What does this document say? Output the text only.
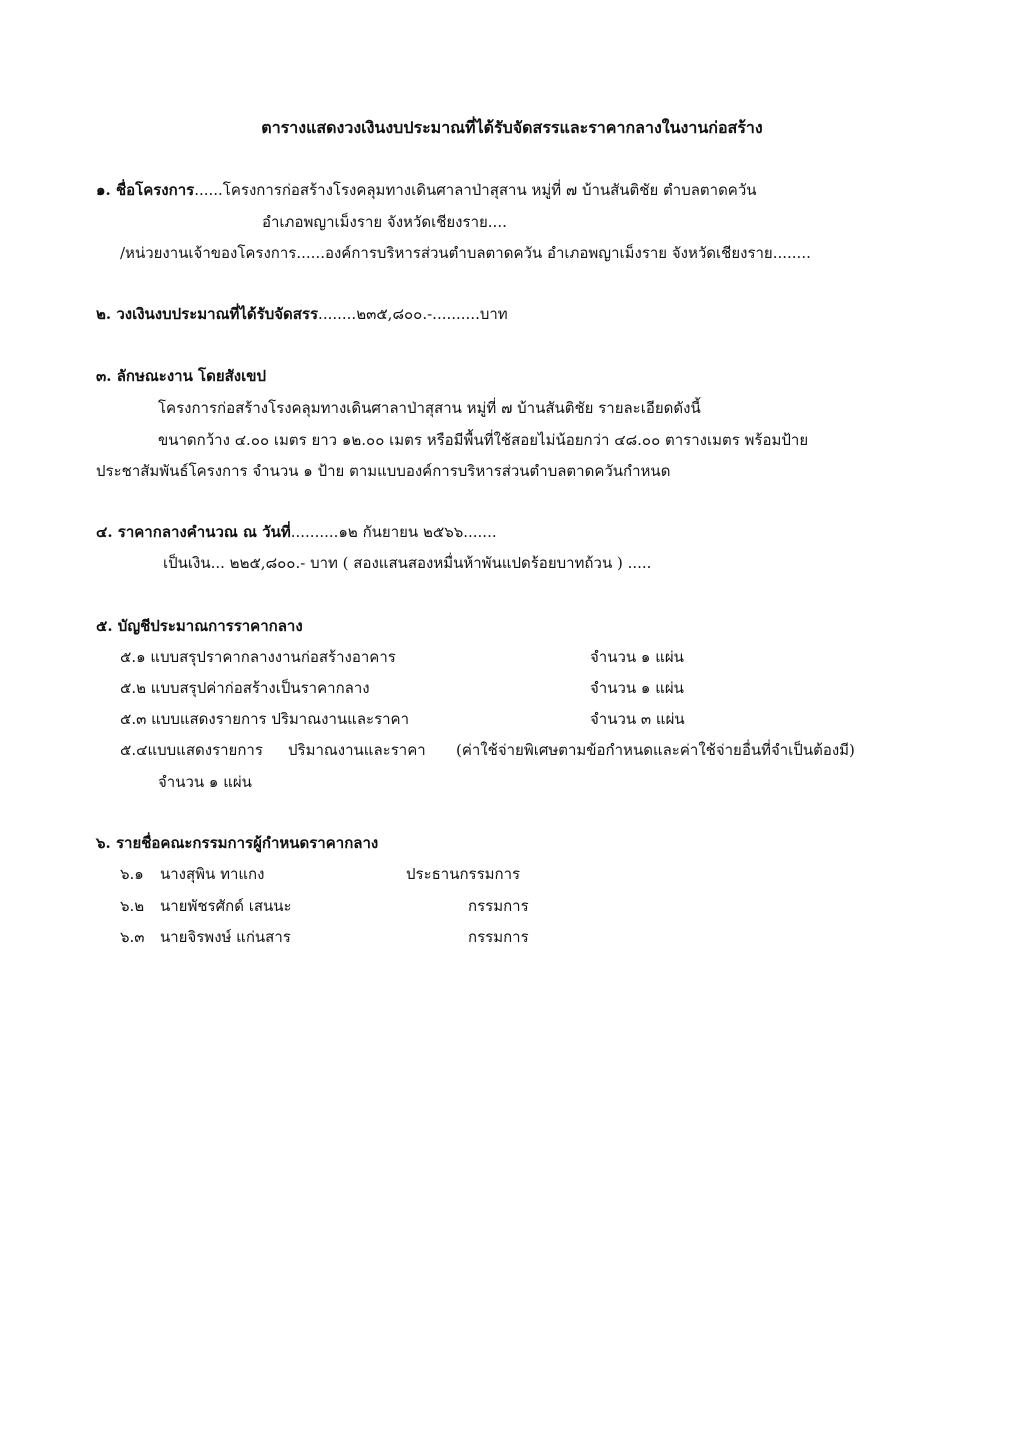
ตารางแสดงวงเงินงบประมาณที่ได้รับจัดสรรและราคากลางในงานก่อสร้าง
๑. ชื่อโครงการ......โครงการก่อสร้างโรงคลุมทางเดินศาลาป่าสุสาน หมู่ที่ ๗ บ้านสันติชัย ตำบลตาดควัน
อำเภอพญาเม็งราย จังหวัดเชียงราย....
/หน่วยงานเจ้าของโครงการ......องค์การบริหารส่วนตำบลตาดควัน อำเภอพญาเม็งราย จังหวัดเชียงราย........
๒. วงเงินงบประมาณที่ได้รับจัดสรร........๒๓๕,๘๐๐.-..........บาท
๓. ลักษณะงาน โดยสังเขป
โครงการก่อสร้างโรงคลุมทางเดินศาลาป่าสุสาน หมู่ที่ ๗ บ้านสันติชัย รายละเอียดดังนี้
ขนาดกว้าง ๔.๐๐ เมตร ยาว ๑๒.๐๐ เมตร หรือมีพื้นที่ใช้สอยไม่น้อยกว่า ๔๘.๐๐ ตารางเมตร พร้อมป้าย
ประชาสัมพันธ์โครงการ จำนวน ๑ ป้าย ตามแบบองค์การบริหารส่วนตำบลตาดควันกำหนด
๔. ราคากลางคำนวณ ณ วันที่..........๑๒ กันยายน ๒๕๖๖.......
เป็นเงิน... ๒๒๕,๘๐๐.- บาท ( สองแสนสองหมื่นห้าพันแปดร้อยบาทถ้วน ) .....
๕. บัญชีประมาณการราคากลาง
๕.๑ แบบสรุปราคากลางงานก่อสร้างอาคาร	จำนวน ๑ แผ่น
๕.๒ แบบสรุปค่าก่อสร้างเป็นราคากลาง	จำนวน ๑ แผ่น
๕.๓ แบบแสดงรายการ ปริมาณงานและราคา	จำนวน ๓ แผ่น
๕.๔แบบแสดงรายการ ปริมาณงานและราคา (ค่าใช้จ่ายพิเศษตามข้อกำหนดและค่าใช้จ่ายอื่นที่จำเป็นต้องมี)
จำนวน ๑ แผ่น
๖. รายชื่อคณะกรรมการผู้กำหนดราคากลาง
๖.๑ นางสุพิน ทาแกง	ประธานกรรมการ
๖.๒ นายพัชรศักด์ เสนนะ	กรรมการ
๖.๓ นายจิรพงษ์ แก่นสาร	กรรมการ
